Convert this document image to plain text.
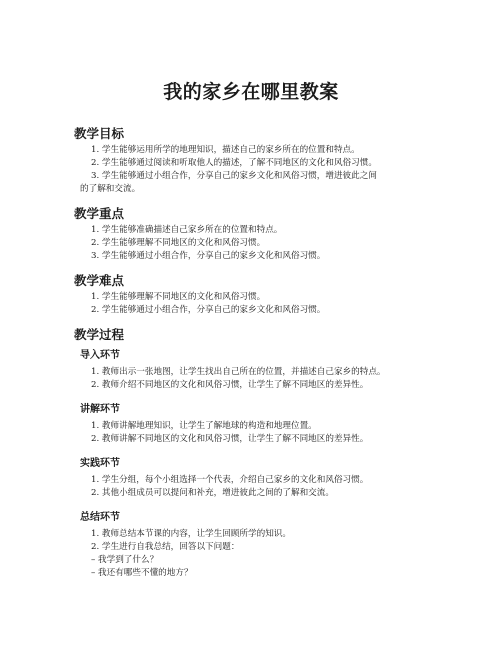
我的家乡在哪里教案
教学目标
1. 学生能够运用所学的地理知识，描述自己的家乡所在的位置和特点。
2. 学生能够通过阅读和听取他人的描述，了解不同地区的文化和风俗习惯。
3. 学生能够通过小组合作，分享自己的家乡文化和风俗习惯，增进彼此之间
的了解和交流。
教学重点
1. 学生能够准确描述自己家乡所在的位置和特点。
2. 学生能够理解不同地区的文化和风俗习惯。
3. 学生能够通过小组合作，分享自己的家乡文化和风俗习惯。
教学难点
1. 学生能够理解不同地区的文化和风俗习惯。
2. 学生能够通过小组合作，分享自己的家乡文化和风俗习惯。
教学过程
导入环节
1. 教师出示一张地图，让学生找出自己所在的位置，并描述自己家乡的特点。
2. 教师介绍不同地区的文化和风俗习惯，让学生了解不同地区的差异性。
讲解环节
1. 教师讲解地理知识，让学生了解地球的构造和地理位置。
2. 教师讲解不同地区的文化和风俗习惯，让学生了解不同地区的差异性。
实践环节
1. 学生分组，每个小组选择一个代表，介绍自己家乡的文化和风俗习惯。
2. 其他小组成员可以提问和补充，增进彼此之间的了解和交流。
总结环节
1. 教师总结本节课的内容，让学生回顾所学的知识。
2. 学生进行自我总结，回答以下问题：
– 我学到了什么？
– 我还有哪些不懂的地方？
